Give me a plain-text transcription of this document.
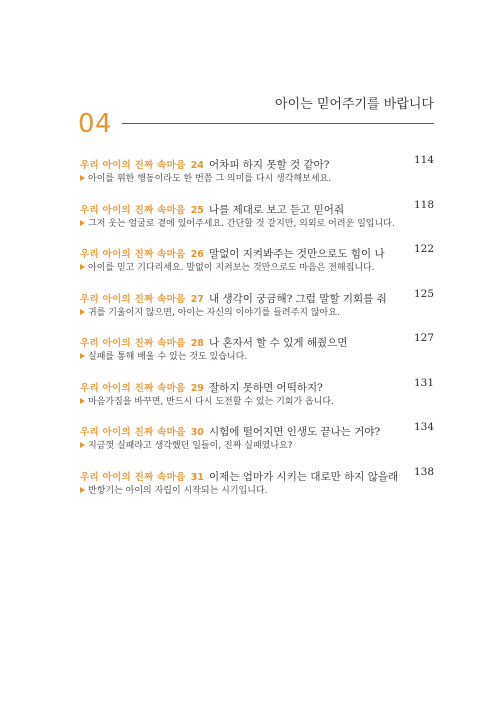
04
아이는 믿어주기를 바랍니다
우리 아이의 진짜 속마음 24 어차피 하지 못할 것 같아?	114
아이를 위한 행동이라도 한 번쯤 그 의미를 다시 생각해보세요.
우리 아이의 진짜 속마음 25 나를 제대로 보고 듣고 믿어줘	118
그저 웃는 얼굴로 곁에 있어주세요. 간단할 것 같지만, 의외로 어려운 일입니다.
우리 아이의 진짜 속마음 26 말없이 지켜봐주는 것만으로도 힘이 나	122
아이를 믿고 기다리세요. 말없이 지켜보는 것만으로도 마음은 전해집니다.
우리 아이의 진짜 속마음 27 내 생각이 궁금해? 그럼 말할 기회를 줘	125
귀를 기울이지 않으면, 아이는 자신의 이야기를 들려주지 않아요.
우리 아이의 진짜 속마음 28 나 혼자서 할 수 있게 해줬으면	127
실패를 통해 배울 수 있는 것도 있습니다.
우리 아이의 진짜 속마음 29 잘하지 못하면 어떡하지?	131
마음가짐을 바꾸면, 반드시 다시 도전할 수 있는 기회가 옵니다.
우리 아이의 진짜 속마음 30 시험에 떨어지면 인생도 끝나는 거야?	134
지금껏 실패라고 생각했던 일들이, 진짜 실패였나요?
우리 아이의 진짜 속마음 31 이제는 엄마가 시키는 대로만 하지 않을래 138
반항기는 아이의 자립이 시작되는 시기입니다.
